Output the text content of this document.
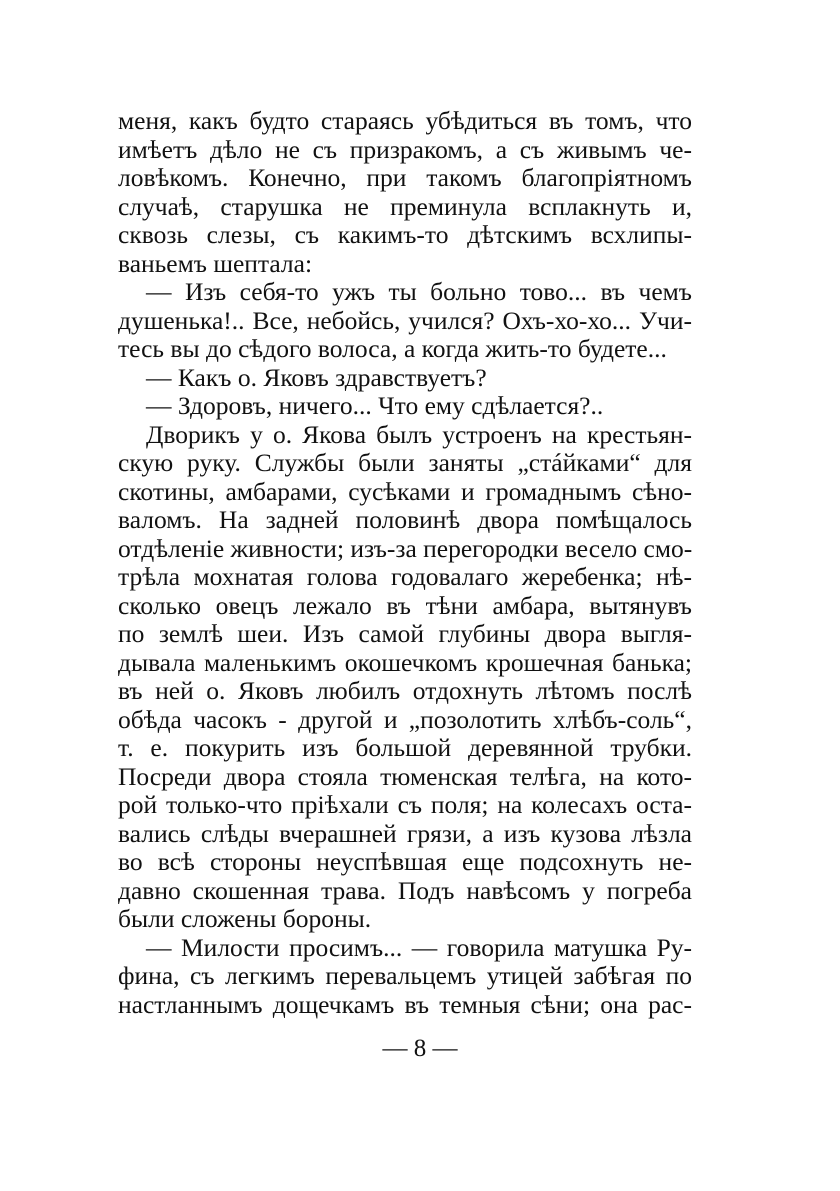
меня, какъ будто стараясь убѣдиться въ томъ, что
имѣетъ дѣло не съ призракомъ, а съ живымъ че-
ловѣкомъ. Конечно, при такомъ благопріятномъ
случаѣ, старушка не преминула всплакнуть и,
сквозь слезы, съ какимъ-то дѣтскимъ всхлипы-
ваньемъ шептала:
— Изъ себя-то ужъ ты больно тово... въ чемъ
душенька!.. Все, небойсь, учился? Охъ-хо-хо... Учи-
тесь вы до сѣдого волоса, а когда жить-то будете...
— Какъ о. Яковъ здравствуетъ?
— Здоровъ, ничего... Что ему сдѣлается?..
Дворикъ у о. Якова былъ устроенъ на крестьян-
скую руку. Службы были заняты „стáйками“ для
скотины, амбарами, сусѣками и громаднымъ сѣно-
валомъ. На задней половинѣ двора помѣщалось
отдѣленіе живности; изъ-за перегородки весело смо-
трѣла мохнатая голова годовалаго жеребенка; нѣ-
сколько овецъ лежало въ тѣни амбара, вытянувъ
по землѣ шеи. Изъ самой глубины двора выгля-
дывала маленькимъ окошечкомъ крошечная банька;
въ ней о. Яковъ любилъ отдохнуть лѣтомъ послѣ
обѣда часокъ - другой и „позолотить хлѣбъ-соль“,
т. е. покурить изъ большой деревянной трубки.
Посреди двора стояла тюменская телѣга, на кото-
рой только-что пріѣхали съ поля; на колесахъ оста-
вались слѣды вчерашней грязи, а изъ кузова лѣзла
во всѣ стороны неуспѣвшая еще подсохнуть не-
давно скошенная трава. Подъ навѣсомъ у погреба
были сложены бороны.
— Милости просимъ... — говорила матушка Ру-
фина, съ легкимъ перевальцемъ утицей забѣгая по
настланнымъ дощечкамъ въ темныя сѣни; она рас-
— 8 —
